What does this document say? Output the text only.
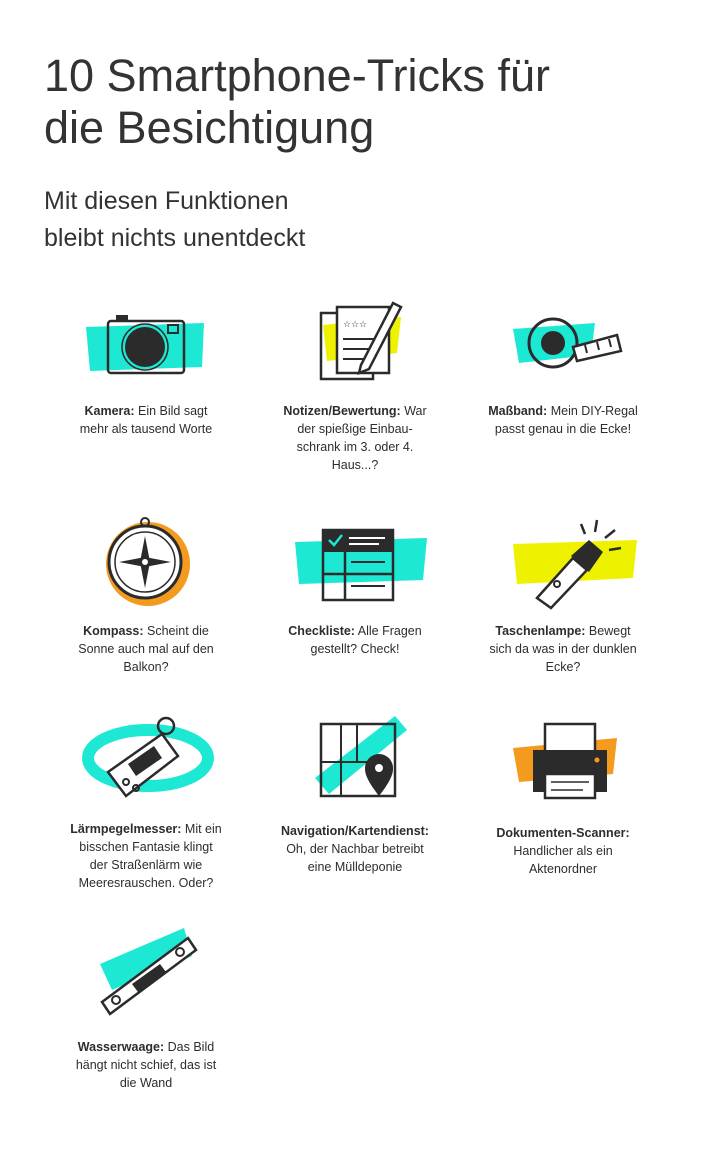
10 Smartphone-Tricks für
die Besichtigung

Mit diesen Funktionen
bleibt nichts unentdeckt

Kamera: Ein Bild sagt
mehr als tausend Worte
☆☆☆
Notizen/Bewertung: War
der spießige Einbau-
schrank im 3. oder 4.
Haus...?
Maßband: Mein DIY-Regal
passt genau in die Ecke!
Kompass: Scheint die
Sonne auch mal auf den
Balkon?
Checkliste: Alle Fragen
gestellt? Check!
Taschenlampe: Bewegt
sich da was in der dunklen
Ecke?
Lärmpegelmesser: Mit ein
bisschen Fantasie klingt
der Straßenlärm wie
Meeresrauschen. Oder?
Navigation/Kartendienst:
Oh, der Nachbar betreibt
eine Mülldeponie
Dokumenten-Scanner:
Handlicher als ein
Aktenordner
Wasserwaage: Das Bild
hängt nicht schief, das ist
die Wand
